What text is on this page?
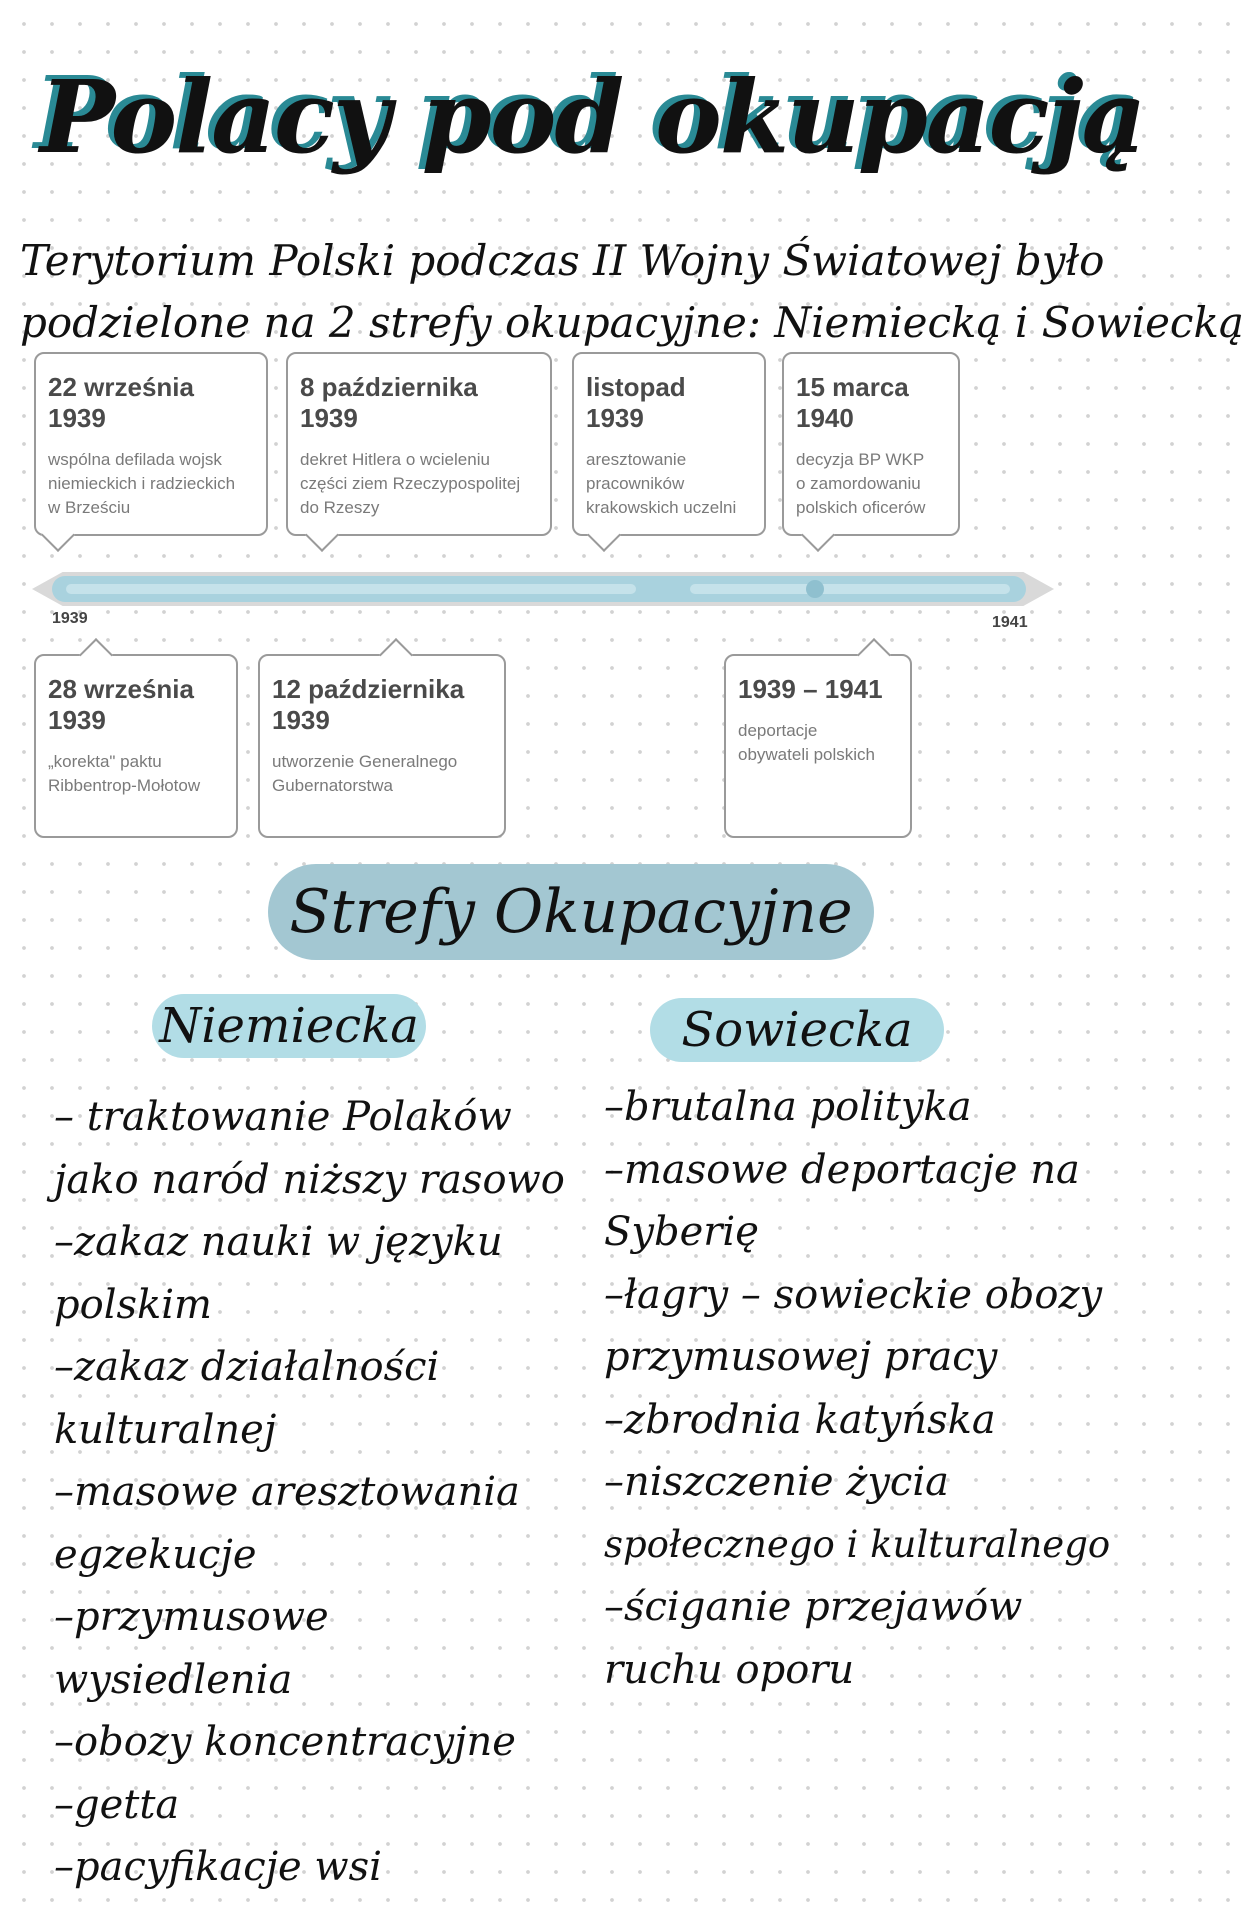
Polacy pod okupacją

Terytorium Polski podczas II Wojny Światowej było

podzielone na 2 strefy okupacyjne: Niemiecką i Sowiecką

22 września
1939
wspólna defilada wojsk
niemieckich i radzieckich
w Brześciu
8 października
1939
dekret Hitlera o wcieleniu
części ziem Rzeczypospolitej
do Rzeszy
listopad
1939
aresztowanie
pracowników
krakowskich uczelni
15 marca
1940
decyzja BP WKP
o zamordowaniu
polskich oficerów
1939	1941
28 września
1939
„korekta" paktu
Ribbentrop-Mołotow
12 października
1939
utworzenie Generalnego
Gubernatorstwa
1939 – 1941
deportacje
obywateli polskich
Strefy Okupacyjne
Niemiecka	Sowiecka

– traktowanie Polaków

jako naród niższy rasowo

–zakaz nauki w języku

polskim

–zakaz działalności

kulturalnej

–masowe aresztowania

egzekucje

–przymusowe

wysiedlenia

–obozy koncentracyjne

–getta

–pacyfikacje wsi

–brutalna polityka

–masowe deportacje na

Syberię

–łagry – sowieckie obozy

przymusowej pracy

–zbrodnia katyńska

–niszczenie życia

społecznego i kulturalnego

–ściganie przejawów

ruchu oporu
